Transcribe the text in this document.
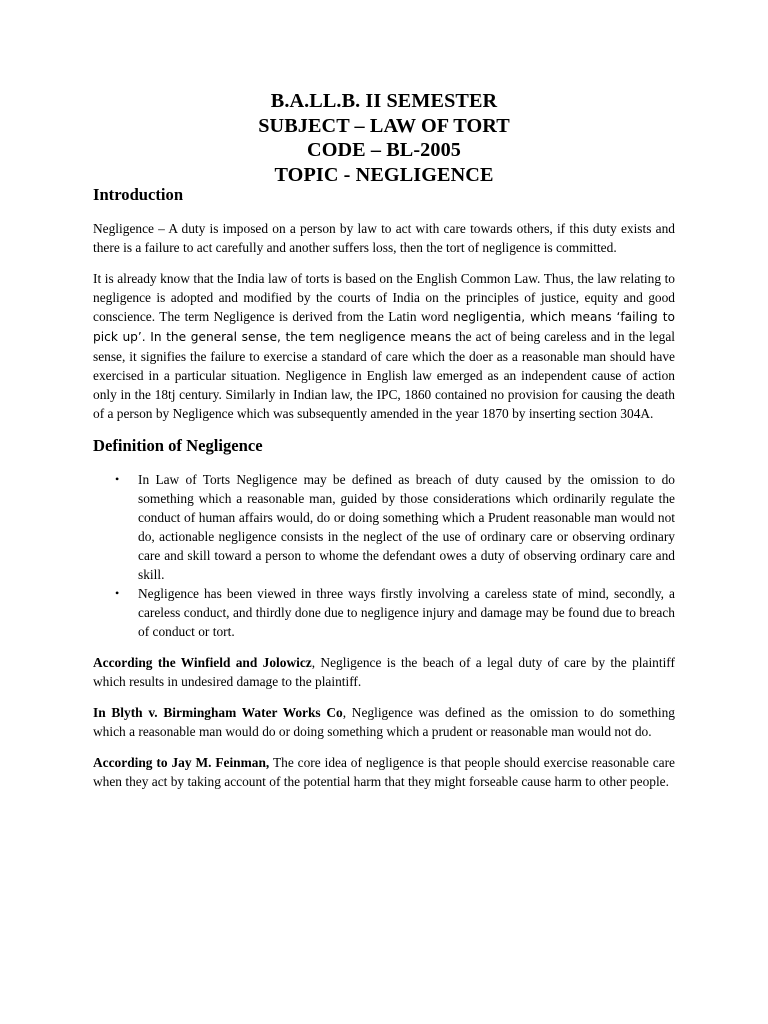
B.A.LL.B. II SEMESTER
SUBJECT – LAW OF TORT
CODE – BL-2005
TOPIC - NEGLIGENCE
Introduction

Negligence – A duty is imposed on a person by law to act with care towards others, if this duty exists and there is a failure to act carefully and another suffers loss, then the tort of negligence is committed.

It is already know that the India law of torts is based on the English Common Law. Thus, the law relating to negligence is adopted and modified by the courts of India on the principles of justice, equity and good conscience. The term Negligence is derived from the Latin word negligentia, which means ‘failing to pick up’. In the general sense, the tem negligence means the act of being careless and in the legal sense, it signifies the failure to exercise a standard of care which the doer as a reasonable man should have exercised in a particular situation. Negligence in English law emerged as an independent cause of action only in the 18tj century. Similarly in Indian law, the IPC, 1860 contained no provision for causing the death of a person by Negligence which was subsequently amended in the year 1870 by inserting section 304A.

Definition of Negligence
• In Law of Torts Negligence may be defined as breach of duty caused by the omission to do something which a reasonable man, guided by those considerations which ordinarily regulate the conduct of human affairs would, do or doing something which a Prudent reasonable man would not do, actionable negligence consists in the neglect of the use of ordinary care or observing ordinary care and skill toward a person to whome the defendant owes a duty of observing ordinary care and skill.
• Negligence has been viewed in three ways firstly involving a careless state of mind, secondly, a careless conduct, and thirdly done due to negligence injury and damage may be found due to breach of conduct or tort.

According the Winfield and Jolowicz, Negligence is the beach of a legal duty of care by the plaintiff which results in undesired damage to the plaintiff.

In Blyth v. Birmingham Water Works Co, Negligence was defined as the omission to do something which a reasonable man would do or doing something which a prudent or reasonable man would not do.

According to Jay M. Feinman, The core idea of negligence is that people should exercise reasonable care when they act by taking account of the potential harm that they might forseable cause harm to other people.
